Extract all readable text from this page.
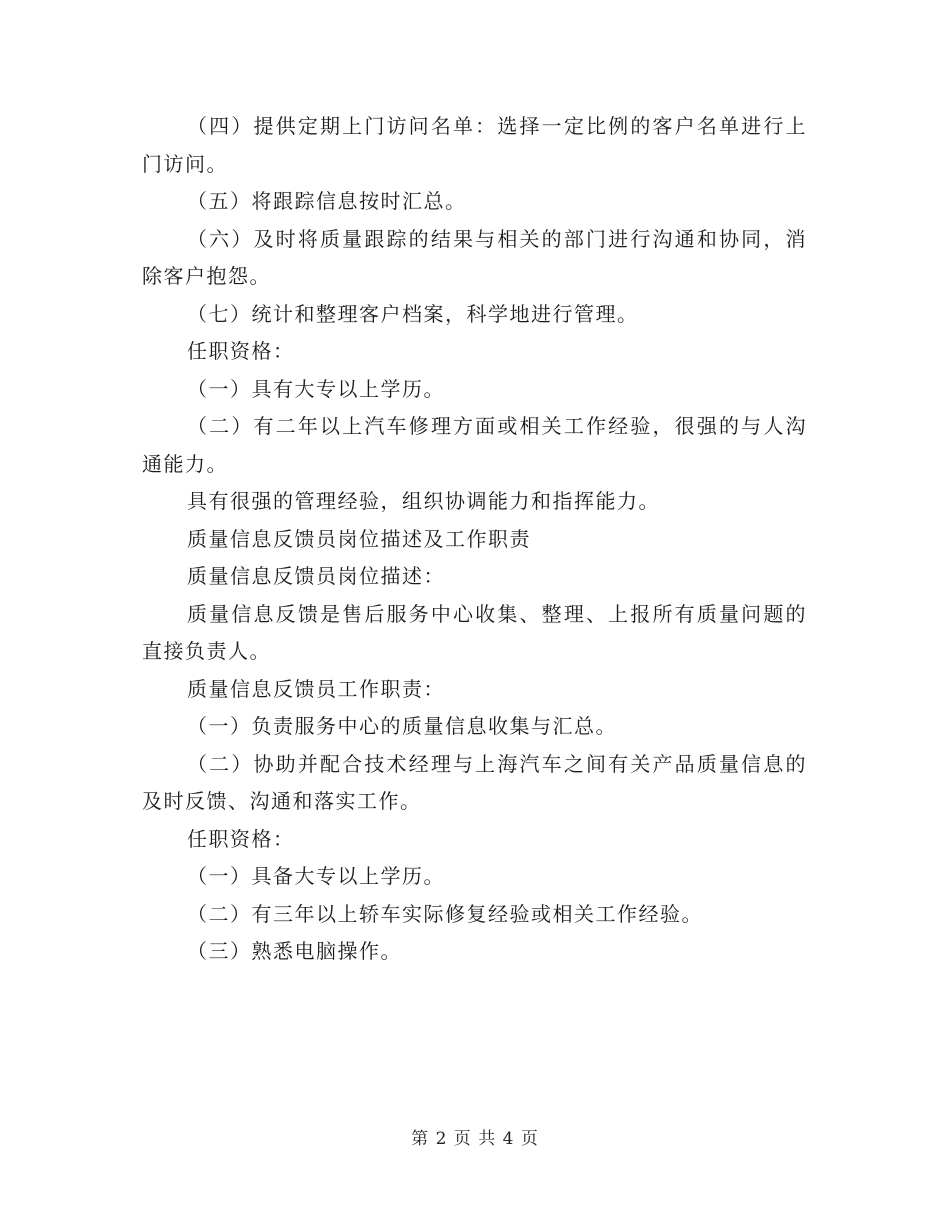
（四）提供定期上门访问名单：选择一定比例的客户名单进行上门访问。

（五）将跟踪信息按时汇总。

（六）及时将质量跟踪的结果与相关的部门进行沟通和协同，消除客户抱怨。

（七）统计和整理客户档案，科学地进行管理。

任职资格：

（一）具有大专以上学历。

（二）有二年以上汽车修理方面或相关工作经验，很强的与人沟通能力。

具有很强的管理经验，组织协调能力和指挥能力。

质量信息反馈员岗位描述及工作职责

质量信息反馈员岗位描述：

质量信息反馈是售后服务中心收集、整理、上报所有质量问题的直接负责人。

质量信息反馈员工作职责：

（一）负责服务中心的质量信息收集与汇总。

（二）协助并配合技术经理与上海汽车之间有关产品质量信息的及时反馈、沟通和落实工作。

任职资格：

（一）具备大专以上学历。

（二）有三年以上轿车实际修复经验或相关工作经验。

（三）熟悉电脑操作。

第 2 页 共 4 页
